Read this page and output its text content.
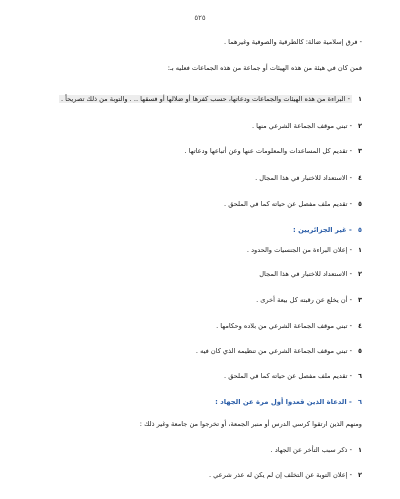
٥٢٥
- فرق إسلامية ضالة: كالطرقية والصوفية وغيرهما .
فمن كان في هيئة من هذه الهيئات أو جماعة من هذه الجماعات فعليه بـ:
١- البراءة من هذه الهيئات والجماعات ودعاتها، حسب كفرها أو ضلالها أو فسقها .. . والتوبة من ذلك تصريحاً .
٢- تبني موقف الجماعة الشرعي منها .
٣- تقديم كل المساعدات والمعلومات عنها وعن أتباعها ودعاتها .
٤- الاستعداد للاختبار في هذا المجال .
٥- تقديم ملف مفصل عن حياته كما في الملحق .
٥- غير الجزائريين :
١- إعلان البراءة من الجنسيات والحدود .
٢- الاستعداد للاختبار في هذا المجال
٣- أن يخلع عن رقبته كل بيعة أخرى .
٤- تبني موقف الجماعة الشرعي من بلاده وحكامها .
٥- تبني موقف الجماعة الشرعي من تنظيمه الذي كان فيه .
٦- تقديم ملف مفصل عن حياته كما في الملحق .
٦- الدعاة الذين قعدوا أول مرة عن الجهاد :
ومنهم الذين ارتقوا كرسي الدرس أو منبر الجمعة، أو تخرجوا من جامعة وغير ذلك :
١- ذكر سبب التأخر عن الجهاد .
٢- إعلان التوبة عن التخلف إن لم يكن له عذر شرعي .
